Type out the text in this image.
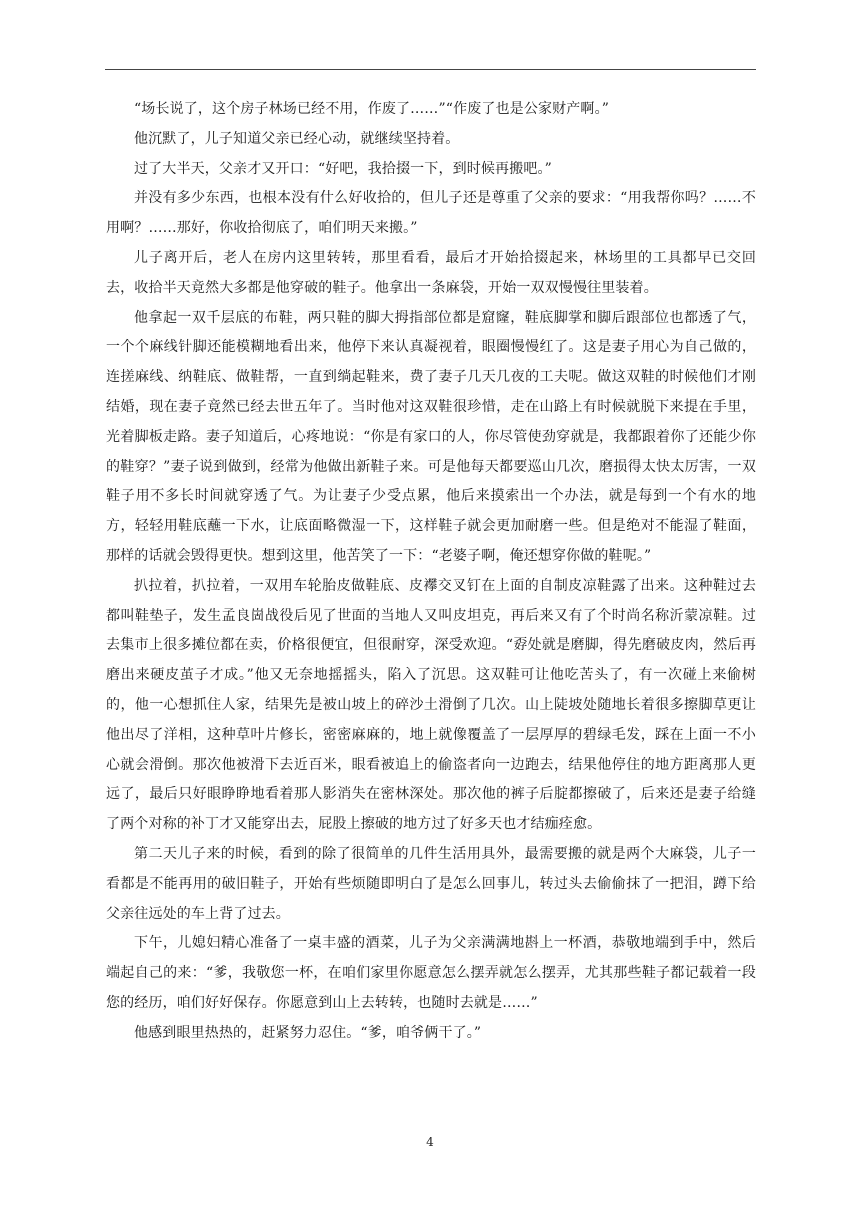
“场长说了，这个房子林场已经不用，作废了……”“作废了也是公家财产啊。”

他沉默了，儿子知道父亲已经心动，就继续坚持着。

过了大半天，父亲才又开口：“好吧，我拾掇一下，到时候再搬吧。”

并没有多少东西，也根本没有什么好收拾的，但儿子还是尊重了父亲的要求：“用我帮你吗？……不用啊？……那好，你收拾彻底了，咱们明天来搬。”

儿子离开后，老人在房内这里转转，那里看看，最后才开始拾掇起来，林场里的工具都早已交回去，收拾半天竟然大多都是他穿破的鞋子。他拿出一条麻袋，开始一双双慢慢往里装着。

他拿起一双千层底的布鞋，两只鞋的脚大拇指部位都是窟窿，鞋底脚掌和脚后跟部位也都透了气，一个个麻线针脚还能模糊地看出来，他停下来认真凝视着，眼圈慢慢红了。这是妻子用心为自己做的，连搓麻线、纳鞋底、做鞋帮，一直到绱起鞋来，费了妻子几天几夜的工夫呢。做这双鞋的时候他们才刚结婚，现在妻子竟然已经去世五年了。当时他对这双鞋很珍惜，走在山路上有时候就脱下来提在手里，光着脚板走路。妻子知道后，心疼地说：“你是有家口的人，你尽管使劲穿就是，我都跟着你了还能少你的鞋穿？”妻子说到做到，经常为他做出新鞋子来。可是他每天都要巡山几次，磨损得太快太厉害，一双鞋子用不多长时间就穿透了气。为让妻子少受点累，他后来摸索出一个办法，就是每到一个有水的地方，轻轻用鞋底蘸一下水，让底面略微湿一下，这样鞋子就会更加耐磨一些。但是绝对不能湿了鞋面，那样的话就会毁得更快。想到这里，他苦笑了一下：“老婆子啊，俺还想穿你做的鞋呢。”

扒拉着，扒拉着，一双用车轮胎皮做鞋底、皮襻交叉钉在上面的自制皮凉鞋露了出来。这种鞋过去都叫鞋垫子，发生孟良崮战役后见了世面的当地人又叫皮坦克，再后来又有了个时尚名称沂蒙凉鞋。过去集市上很多摊位都在卖，价格很便宜，但很耐穿，深受欢迎。“孬处就是磨脚，得先磨破皮肉，然后再磨出来硬皮茧子才成。”他又无奈地摇摇头，陷入了沉思。这双鞋可让他吃苦头了，有一次碰上来偷树的，他一心想抓住人家，结果先是被山坡上的碎沙土滑倒了几次。山上陡坡处随地长着很多擦脚草更让他出尽了洋相，这种草叶片修长，密密麻麻的，地上就像覆盖了一层厚厚的碧绿毛发，踩在上面一不小心就会滑倒。那次他被滑下去近百米，眼看被追上的偷盗者向一边跑去，结果他停住的地方距离那人更远了，最后只好眼睁睁地看着那人影消失在密林深处。那次他的裤子后腚都擦破了，后来还是妻子给缝了两个对称的补丁才又能穿出去，屁股上擦破的地方过了好多天也才结痂痊愈。

第二天儿子来的时候，看到的除了很简单的几件生活用具外，最需要搬的就是两个大麻袋，儿子一看都是不能再用的破旧鞋子，开始有些烦随即明白了是怎么回事儿，转过头去偷偷抹了一把泪，蹲下给父亲往远处的车上背了过去。

下午，儿媳妇精心准备了一桌丰盛的酒菜，儿子为父亲满满地斟上一杯酒，恭敬地端到手中，然后端起自己的来：“爹，我敬您一杯，在咱们家里你愿意怎么摆弄就怎么摆弄，尤其那些鞋子都记载着一段您的经历，咱们好好保存。你愿意到山上去转转，也随时去就是……”

他感到眼里热热的，赶紧努力忍住。“爹，咱爷俩干了。”

4
